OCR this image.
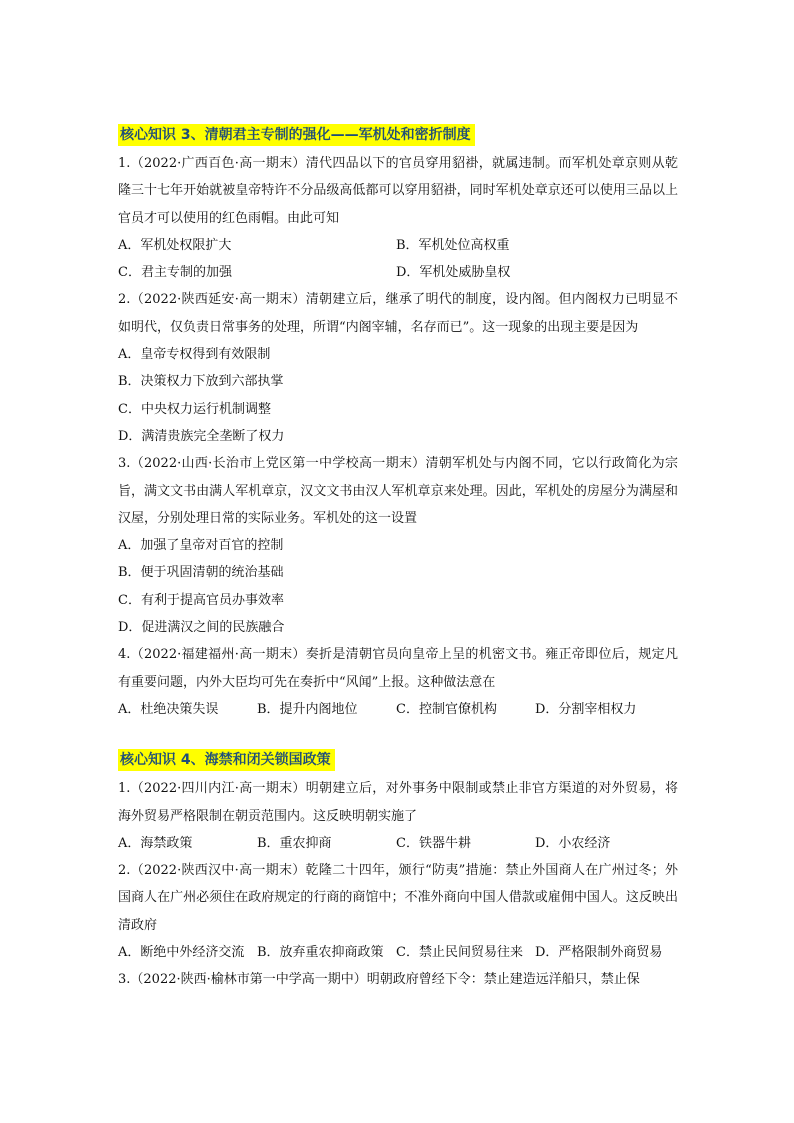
核心知识 3、清朝君主专制的强化——军机处和密折制度
1.（2022·广西百色·高一期末）清代四品以下的官员穿用貂褂，就属违制。而军机处章京则从乾隆三十七年开始就被皇帝特许不分品级高低都可以穿用貂褂，同时军机处章京还可以使用三品以上官员才可以使用的红色雨帽。由此可知
A．军机处权限扩大	B．军机处位高权重
C．君主专制的加强	D．军机处威胁皇权
2.（2022·陕西延安·高一期末）清朝建立后，继承了明代的制度，设内阁。但内阁权力已明显不如明代，仅负责日常事务的处理，所谓“内阁宰辅，名存而已”。这一现象的出现主要是因为
A．皇帝专权得到有效限制
B．决策权力下放到六部执掌
C．中央权力运行机制调整
D．满清贵族完全垄断了权力
3.（2022·山西·长治市上党区第一中学校高一期末）清朝军机处与内阁不同，它以行政简化为宗旨，满文文书由满人军机章京，汉文文书由汉人军机章京来处理。因此，军机处的房屋分为满屋和汉屋，分别处理日常的实际业务。军机处的这一设置
A．加强了皇帝对百官的控制
B．便于巩固清朝的统治基础
C．有利于提高官员办事效率
D．促进满汉之间的民族融合
4.（2022·福建福州·高一期末）奏折是清朝官员向皇帝上呈的机密文书。雍正帝即位后，规定凡有重要问题，内外大臣均可先在奏折中“风闻”上报。这种做法意在
A．杜绝决策失误	B．提升内阁地位	C．控制官僚机构	D．分割宰相权力
核心知识 4、海禁和闭关锁国政策
1.（2022·四川内江·高一期末）明朝建立后，对外事务中限制或禁止非官方渠道的对外贸易，将海外贸易严格限制在朝贡范围内。这反映明朝实施了
A．海禁政策	B．重农抑商	C．铁器牛耕	D．小农经济
2.（2022·陕西汉中·高一期末）乾隆二十四年，颁行“防夷”措施：禁止外国商人在广州过冬；外国商人在广州必须住在政府规定的行商的商馆中；不准外商向中国人借款或雇佣中国人。这反映出清政府
A．断绝中外经济交流 B．放弃重农抑商政策 C．禁止民间贸易往来 D．严格限制外商贸易
3.（2022·陕西·榆林市第一中学高一期中）明朝政府曾经下令：禁止建造远洋船只，禁止保
